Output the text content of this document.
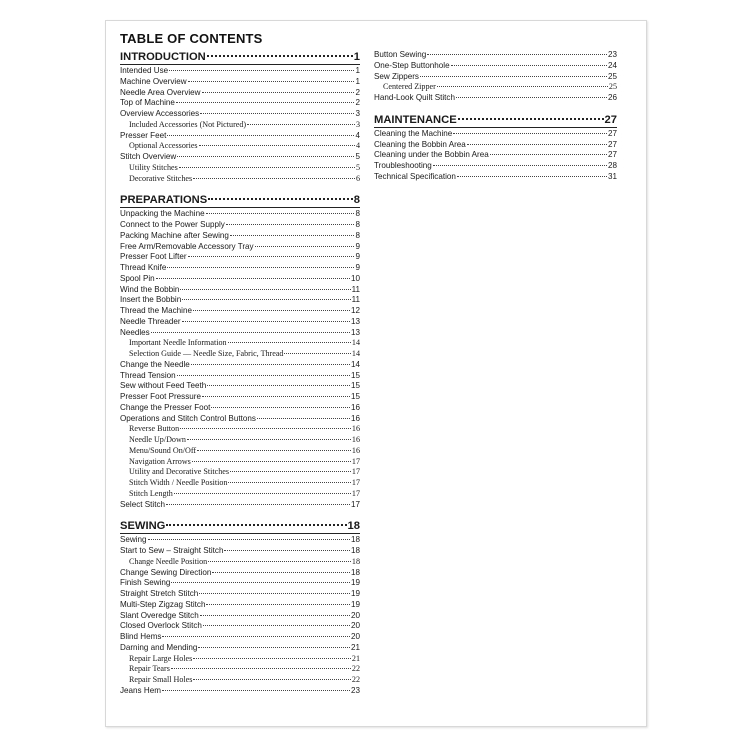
TABLE OF CONTENTS
INTRODUCTION	1
Intended Use	1
Machine Overview	1
Needle Area Overview	2
Top of Machine	2
Overview Accessories	3
Included Accessories (Not Pictured)	3
Presser Feet	4
Optional Accessories	4
Stitch Overview	5
Utility Stitches	5
Decorative Stitches	6
PREPARATIONS	8
Unpacking the Machine	8
Connect to the Power Supply	8
Packing Machine after Sewing	8
Free Arm/Removable Accessory Tray	9
Presser Foot Lifter	9
Thread Knife	9
Spool Pin	10
Wind the Bobbin	11
Insert the Bobbin	11
Thread the Machine	12
Needle Threader	13
Needles	13
Important Needle Information	14
Selection Guide — Needle Size, Fabric, Thread	14
Change the Needle	14
Thread Tension	15
Sew without Feed Teeth	15
Presser Foot Pressure	15
Change the Presser Foot	16
Operations and Stitch Control Buttons	16
Reverse Button	16
Needle Up/Down	16
Menu/Sound On/Off	16
Navigation Arrows	17
Utility and Decorative Stitches	17
Stitch Width / Needle Position	17
Stitch Length	17
Select Stitch	17
SEWING	18
Sewing	18
Start to Sew – Straight Stitch	18
Change Needle Position	18
Change Sewing Direction	18
Finish Sewing	19
Straight Stretch Stitch	19
Multi-Step Zigzag Stitch	19
Slant Overedge Stitch	20
Closed Overlock Stitch	20
Blind Hems	20
Darning and Mending	21
Repair Large Holes	21
Repair Tears	22
Repair Small Holes	22
Jeans Hem	23
Button Sewing	23
One-Step Buttonhole	24
Sew Zippers	25
Centered Zipper	25
Hand-Look Quilt Stitch	26
MAINTENANCE	27
Cleaning the Machine	27
Cleaning the Bobbin Area	27
Cleaning under the Bobbin Area	27
Troubleshooting	28
Technical Specification	31
